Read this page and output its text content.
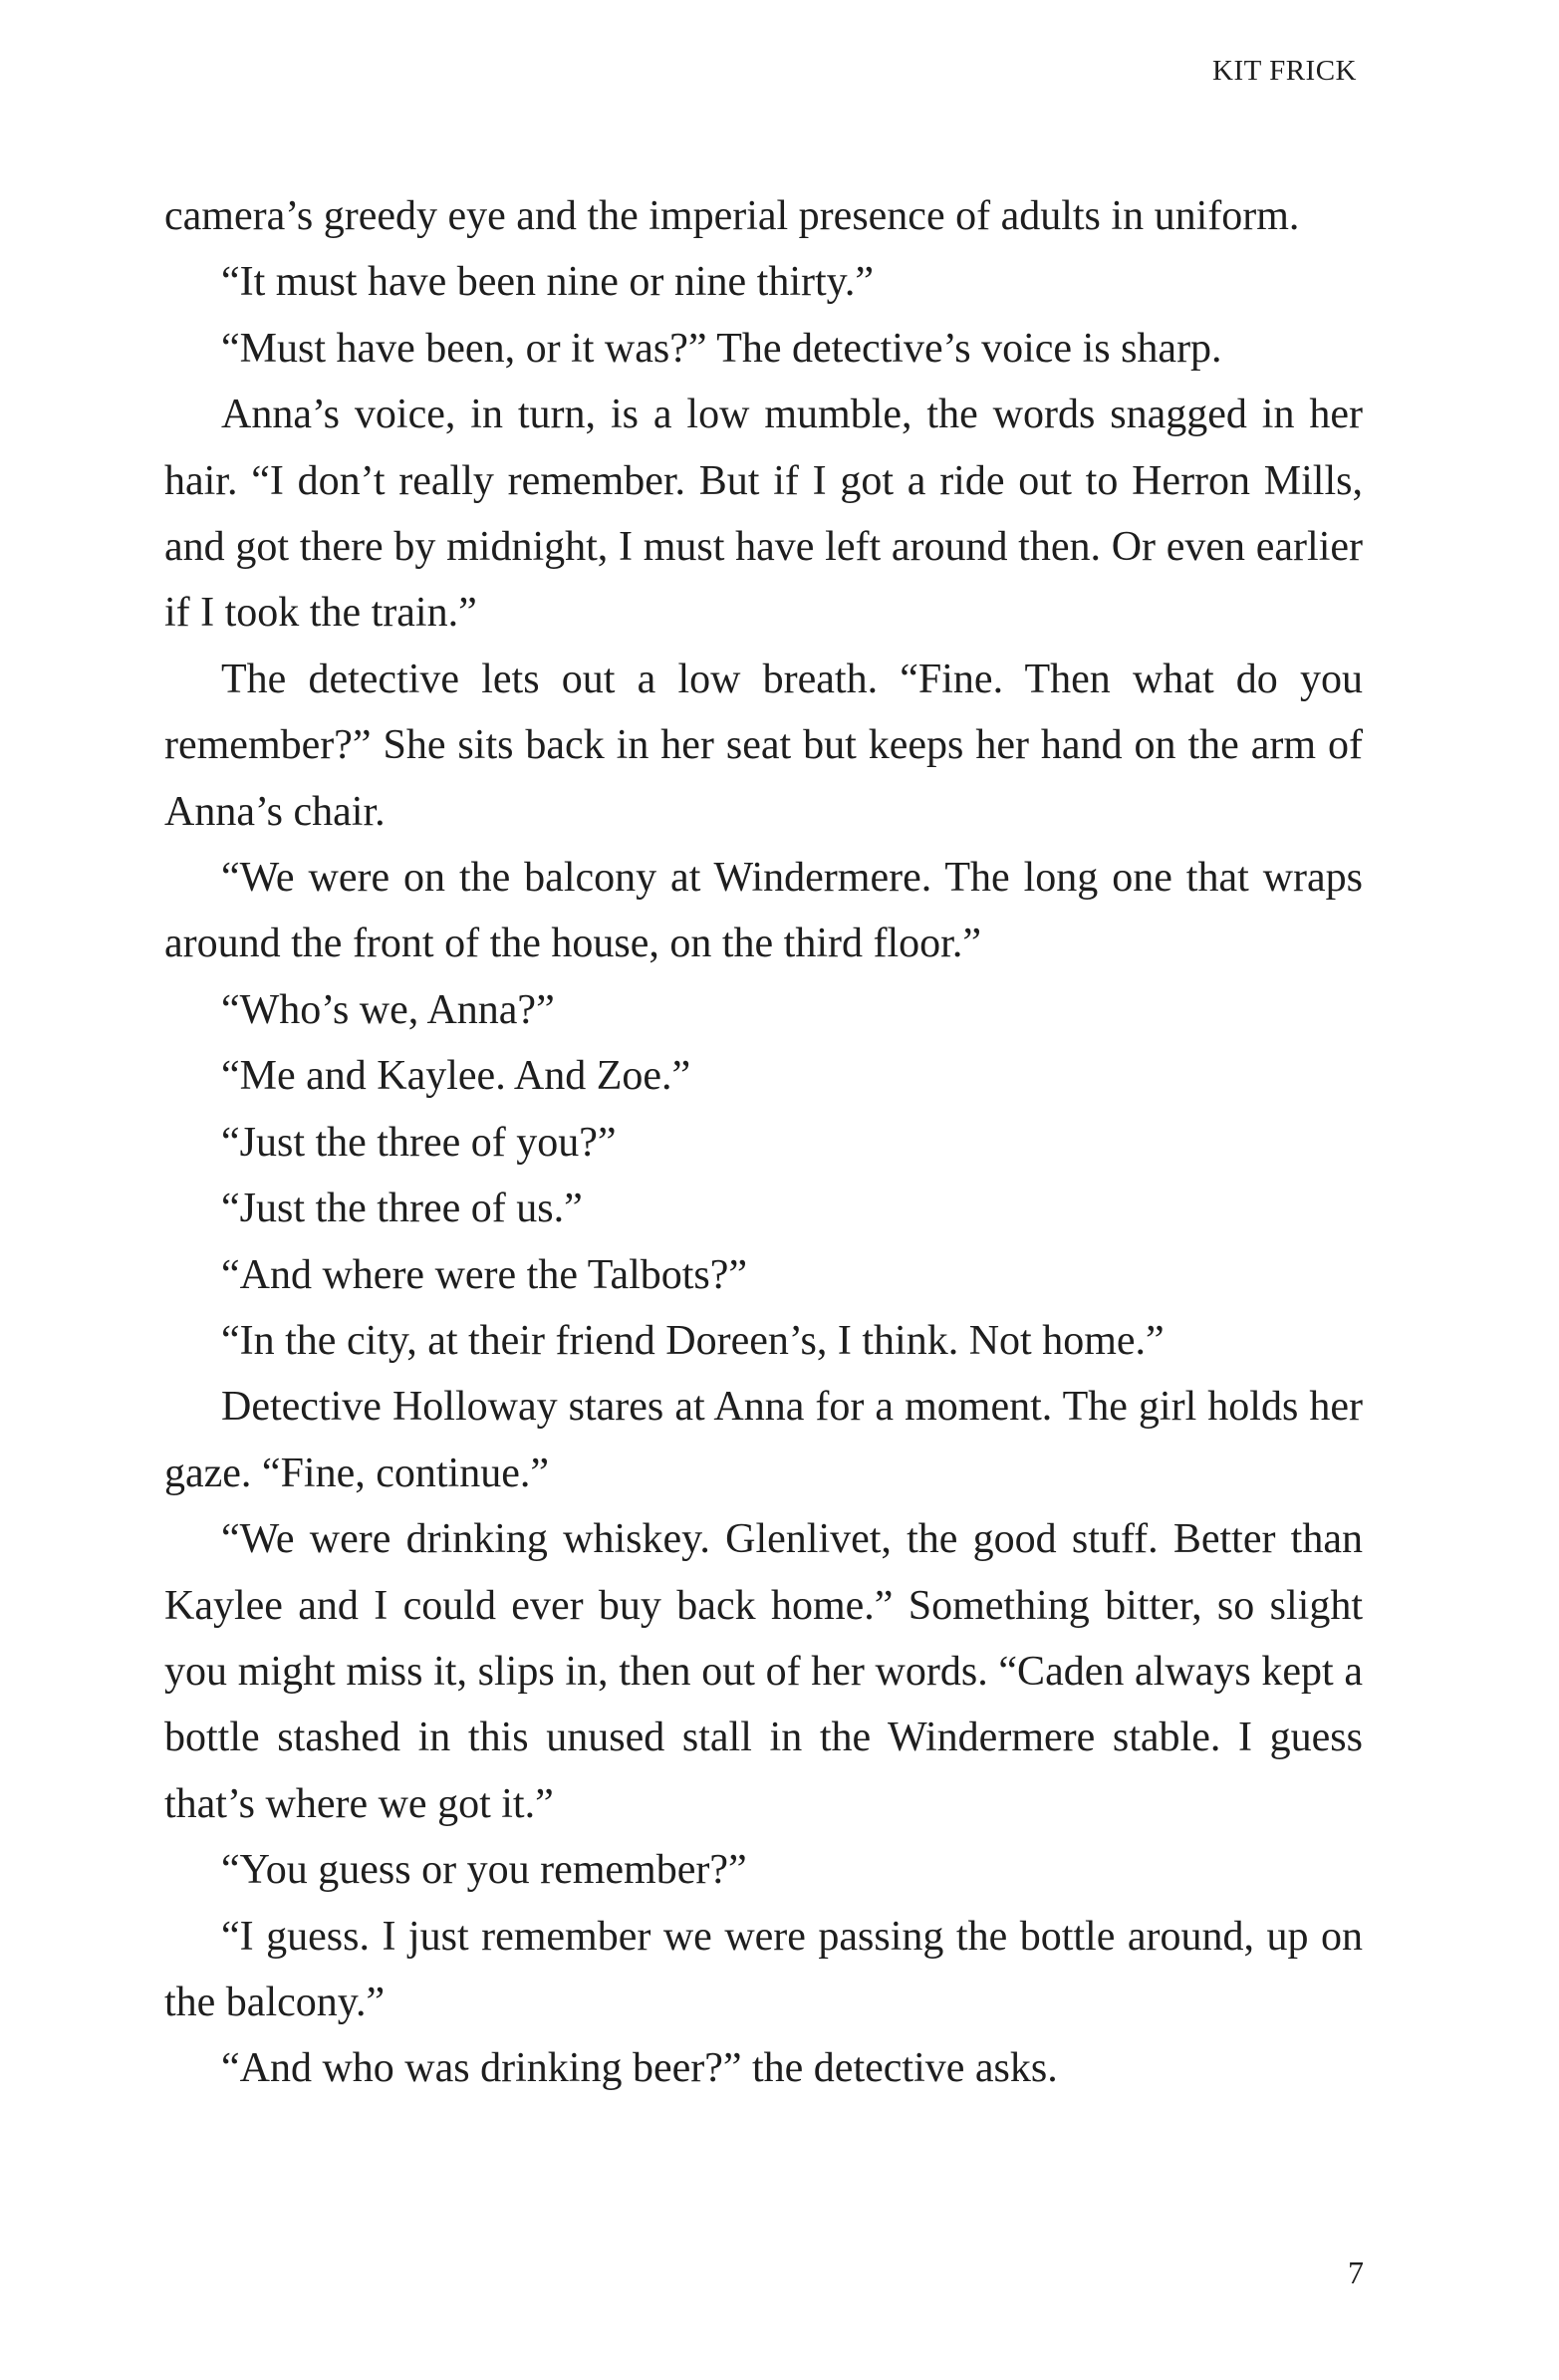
KIT FRICK

camera’s greedy eye and the imperial presence of adults in uniform.

“It must have been nine or nine thirty.”

“Must have been, or it was?” The detective’s voice is sharp.

Anna’s voice, in turn, is a low mumble, the words snagged in her hair. “I don’t really remember. But if I got a ride out to Herron Mills, and got there by midnight, I must have left around then. Or even earlier if I took the train.”

The detective lets out a low breath. “Fine. Then what do you remember?” She sits back in her seat but keeps her hand on the arm of Anna’s chair.

“We were on the balcony at Windermere. The long one that wraps around the front of the house, on the third floor.”

“Who’s we, Anna?”

“Me and Kaylee. And Zoe.”

“Just the three of you?”

“Just the three of us.”

“And where were the Talbots?”

“In the city, at their friend Doreen’s, I think. Not home.”

Detective Holloway stares at Anna for a moment. The girl holds her gaze. “Fine, continue.”

“We were drinking whiskey. Glenlivet, the good stuff. Better than Kaylee and I could ever buy back home.” Something bitter, so slight you might miss it, slips in, then out of her words. “Caden always kept a bottle stashed in this unused stall in the Windermere stable. I guess that’s where we got it.”

“You guess or you remember?”

“I guess. I just remember we were passing the bottle around, up on the balcony.”

“And who was drinking beer?” the detective asks.

7
